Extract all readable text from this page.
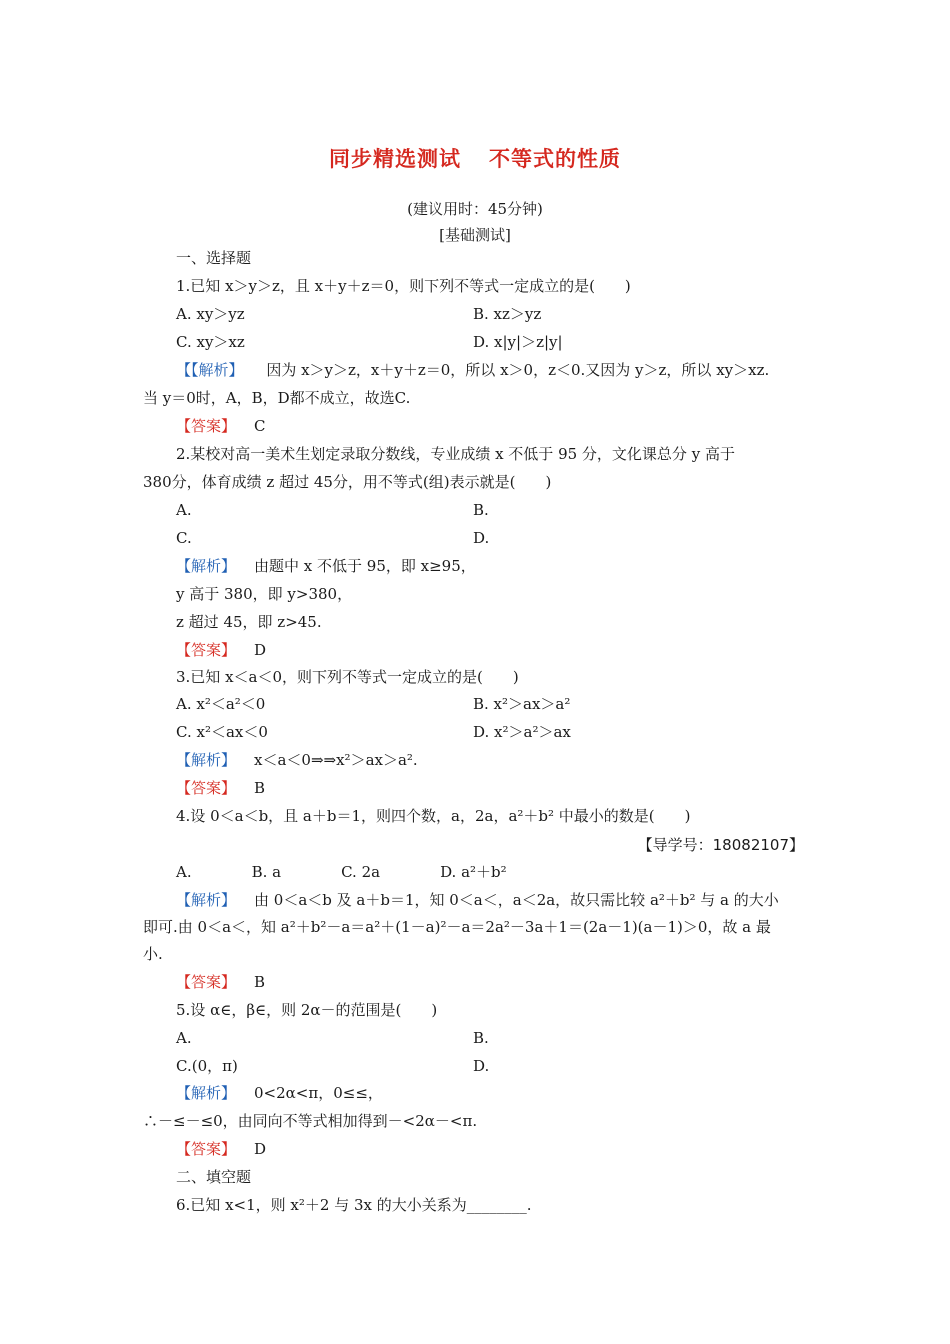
同步精选测试 不等式的性质
(建议用时：45分钟)
[基础测试]
一、选择题
1.已知 x＞y＞z，且 x＋y＋z＝0，则下列不等式一定成立的是(　　)
A. xy＞yz	B. xz＞yz
C. xy＞xz	D. x|y|＞z|y|
【【解析】 因为 x＞y＞z，x＋y＋z＝0，所以 x＞0，z＜0.又因为 y＞z，所以 xy＞xz.
当 y＝0时，A，B，D都不成立，故选C.
【答案】 C
2.某校对高一美术生划定录取分数线，专业成绩 x 不低于 95 分，文化课总分 y 高于
380分，体育成绩 z 超过 45分，用不等式(组)表示就是(　　)
A.	B.
C.	D.
【解析】 由题中 x 不低于 95，即 x≥95，
y 高于 380，即 y>380，
z 超过 45，即 z>45.
【答案】 D
3.已知 x＜a＜0，则下列不等式一定成立的是(　　)
A. x²＜a²＜0	B. x²＞ax＞a²
C. x²＜ax＜0	D. x²＞a²＞ax
【解析】 x＜a＜0⇒⇒x²＞ax＞a².
【答案】 B
4.设 0＜a＜b，且 a＋b＝1，则四个数，a，2a，a²＋b² 中最小的数是(　　)
【导学号：18082107】
A.　　　　B. a　　　　C. 2a　　　　D. a²＋b²
【解析】 由 0＜a＜b 及 a＋b＝1，知 0＜a＜，a＜2a，故只需比较 a²＋b² 与 a 的大小
即可.由 0＜a＜，知 a²＋b²－a＝a²＋(1－a)²－a＝2a²－3a＋1＝(2a－1)(a－1)＞0，故 a 最
小.
【答案】 B
5.设 α∈，β∈，则 2α－的范围是(　　)
A.	B.
C.(0，π)	D.
【解析】 0<2α<π，0≤≤，
∴－≤－≤0，由同向不等式相加得到－<2α－<π.
【答案】 D
二、填空题
6.已知 x<1，则 x²＋2 与 3x 的大小关系为________.
